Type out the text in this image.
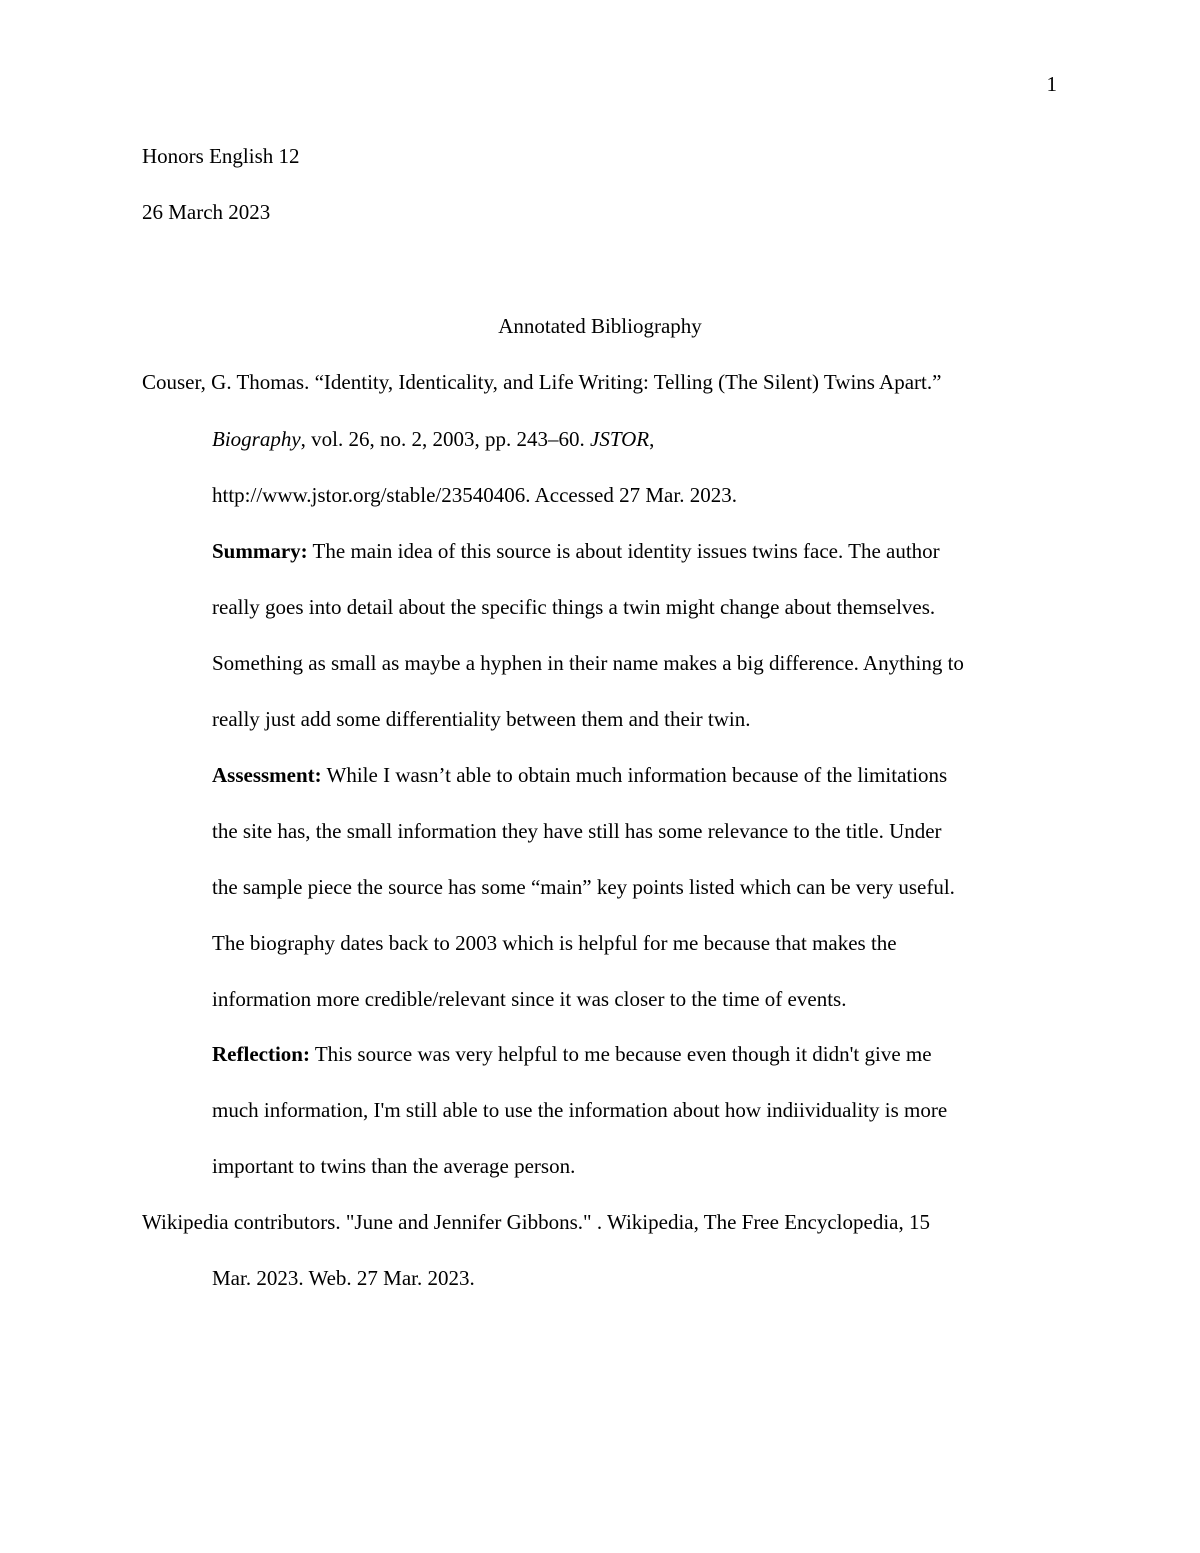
1

Honors English 12

26 March 2023

Annotated Bibliography

Couser, G. Thomas. “Identity, Identicality, and Life Writing: Telling (The Silent) Twins Apart.”

Biography, vol. 26, no. 2, 2003, pp. 243–60. JSTOR,

http://www.jstor.org/stable/23540406. Accessed 27 Mar. 2023.

Summary: The main idea of this source is about identity issues twins face. The author

really goes into detail about the specific things a twin might change about themselves.

Something as small as maybe a hyphen in their name makes a big difference. Anything to

really just add some differentiality between them and their twin.

Assessment: While I wasn’t able to obtain much information because of the limitations

the site has, the small information they have still has some relevance to the title. Under

the sample piece the source has some “main” key points listed which can be very useful.

The biography dates back to 2003 which is helpful for me because that makes the

information more credible/relevant since it was closer to the time of events.

Reflection: This source was very helpful to me because even though it didn't give me

much information, I'm still able to use the information about how indiividuality is more

important to twins than the average person.

Wikipedia contributors. "June and Jennifer Gibbons." . Wikipedia, The Free Encyclopedia, 15

Mar. 2023. Web. 27 Mar. 2023.
